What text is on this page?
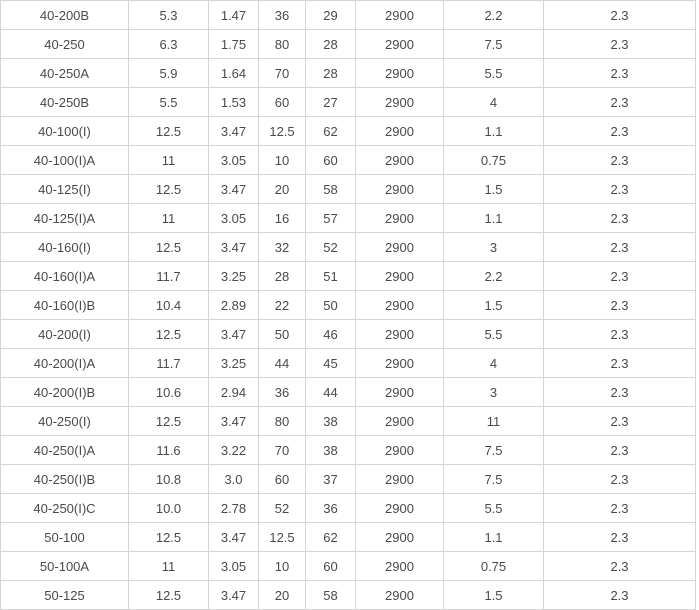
40-200B	5.3	1.47	36	29	2900	2.2	2.3
40-250	6.3	1.75	80	28	2900	7.5	2.3
40-250A	5.9	1.64	70	28	2900	5.5	2.3
40-250B	5.5	1.53	60	27	2900	4	2.3
40-100(I)	12.5	3.47	12.5	62	2900	1.1	2.3
40-100(I)A	11	3.05	10	60	2900	0.75	2.3
40-125(I)	12.5	3.47	20	58	2900	1.5	2.3
40-125(I)A	11	3.05	16	57	2900	1.1	2.3
40-160(I)	12.5	3.47	32	52	2900	3	2.3
40-160(I)A	11.7	3.25	28	51	2900	2.2	2.3
40-160(I)B	10.4	2.89	22	50	2900	1.5	2.3
40-200(I)	12.5	3.47	50	46	2900	5.5	2.3
40-200(I)A	11.7	3.25	44	45	2900	4	2.3
40-200(I)B	10.6	2.94	36	44	2900	3	2.3
40-250(I)	12.5	3.47	80	38	2900	11	2.3
40-250(I)A	11.6	3.22	70	38	2900	7.5	2.3
40-250(I)B	10.8	3.0	60	37	2900	7.5	2.3
40-250(I)C	10.0	2.78	52	36	2900	5.5	2.3
50-100	12.5	3.47	12.5	62	2900	1.1	2.3
50-100A	11	3.05	10	60	2900	0.75	2.3
50-125	12.5	3.47	20	58	2900	1.5	2.3
